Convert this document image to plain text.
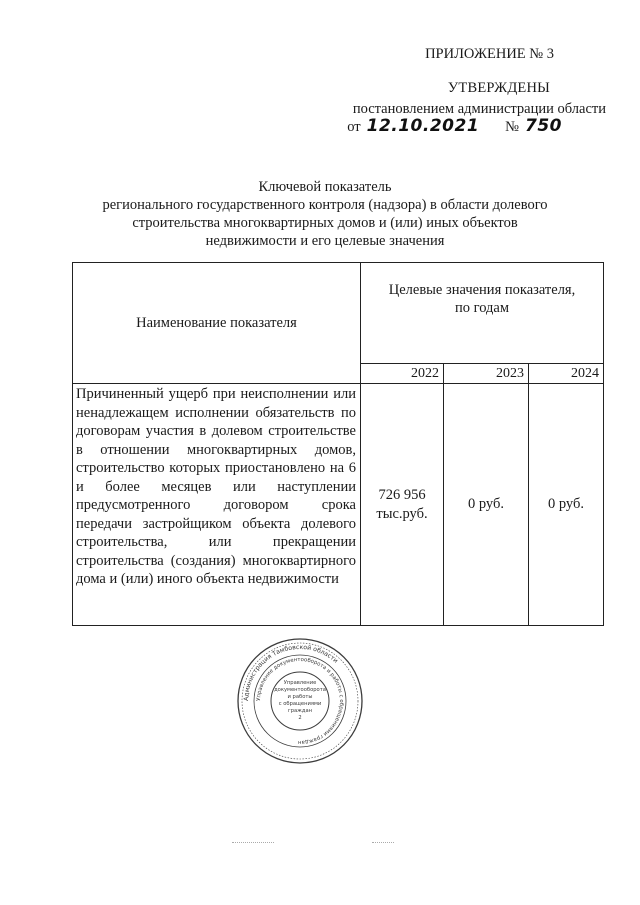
ПРИЛОЖЕНИЕ № 3
УТВЕРЖДЕНЫ
постановлением администрации области
от 12.10.2021 № 750
Ключевой показатель
регионального государственного контроля (надзора) в области долевого
строительства многоквартирных домов и (или) иных объектов
недвижимости и его целевые значения
Наименование показателя	Целевые значения показателя, по годам		

	2022	2023	2024
Причиненный ущерб при неисполнении или ненадлежащем исполнении обязательств по договорам участия в долевом строительстве в отношении многоквартирных домов, строительство которых приостановлено на 6 и более месяцев или наступлении предусмотренного договором срока передачи застройщиком объекта долевого строительства, или прекращении строительства (создания) многоквартирного дома и (или) иного объекта недвижимости	726 956 тыс.руб.	0 руб.	0 руб.
Администрация Тамбовской области
Управление документооборота и работы с обращениями граждан
Управление
документооборота
и работы
с обращениями
граждан
2
